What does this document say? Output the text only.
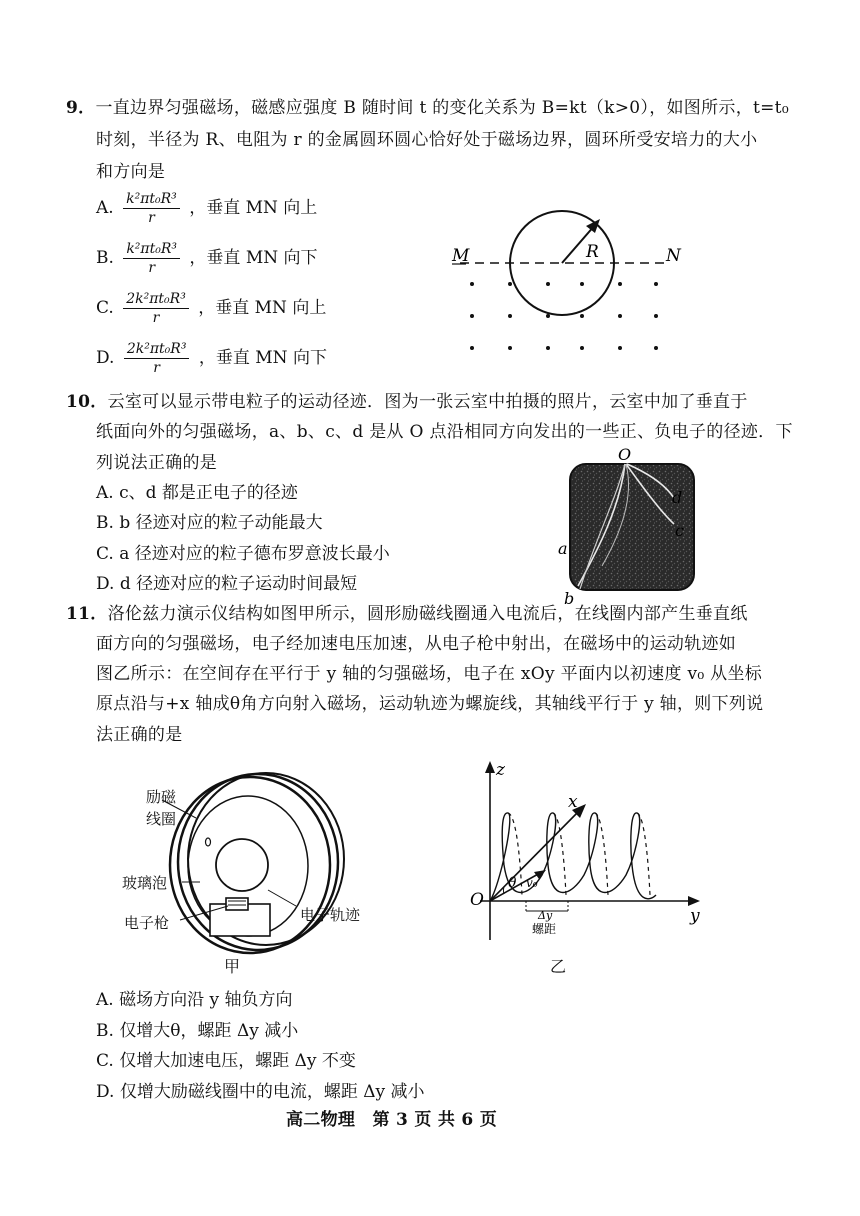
9．一直边界匀强磁场，磁感应强度 B 随时间 t 的变化关系为 B=kt（k>0），如图所示，t=t₀
时刻，半径为 R、电阻为 r 的金属圆环圆心恰好处于磁场边界，圆环所受安培力的大小
和方向是
A. $\frac{\text{k²πt₀R³}}{r}$ ，垂直 MN 向上
B. $\frac{\text{k²πt₀R³}}{r}$ ，垂直 MN 向下
C. $\frac{\text{2k²πt₀R³}}{r}$ ，垂直 MN 向上
D. $\frac{\text{2k²πt₀R³}}{r}$ ，垂直 MN 向下
M	N
R
10．云室可以显示带电粒子的运动径迹．图为一张云室中拍摄的照片，云室中加了垂直于
纸面向外的匀强磁场，a、b、c、d 是从 O 点沿相同方向发出的一些正、负电子的径迹．下
列说法正确的是
A. c、d 都是正电子的径迹
B. b 径迹对应的粒子动能最大
C. a 径迹对应的粒子德布罗意波长最小
D. d 径迹对应的粒子运动时间最短
O
a
b
c
d
11．洛伦兹力演示仪结构如图甲所示，圆形励磁线圈通入电流后，在线圈内部产生垂直纸
面方向的匀强磁场，电子经加速电压加速，从电子枪中射出，在磁场中的运动轨迹如
图乙所示：在空间存在平行于 y 轴的匀强磁场，电子在 xOy 平面内以初速度 v₀ 从坐标
原点沿与+x 轴成θ角方向射入磁场，运动轨迹为螺旋线，其轴线平行于 y 轴，则下列说
法正确的是
励磁
线圈
玻璃泡
电子枪	电子轨迹
甲
z
x
y
O
θ v₀
Δy
螺距
乙
A. 磁场方向沿 y 轴负方向
B. 仅增大θ，螺距 Δy 减小
C. 仅增大加速电压，螺距 Δy 不变
D. 仅增大励磁线圈中的电流，螺距 Δy 减小
高二物理　第 3 页 共 6 页
